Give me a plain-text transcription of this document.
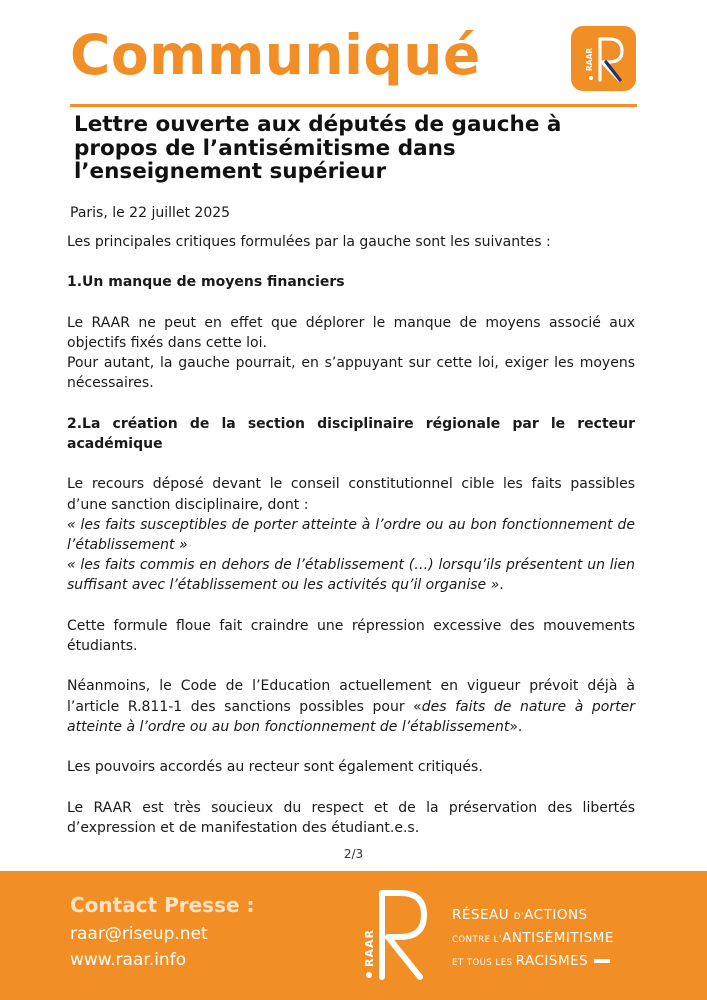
Communiqué	RAAR
Lettre ouverte aux députés de gauche à
propos de l’antisémitisme dans
l’enseignement supérieur
Paris, le 22 juillet 2025

Les principales critiques formulées par la gauche sont les suivantes :

1.Un manque de moyens financiers

Le RAAR ne peut en effet que déplorer le manque de moyens associé aux objectifs fixés dans cette loi.

Pour autant, la gauche pourrait, en s’appuyant sur cette loi, exiger les moyens nécessaires.

2.La création de la section disciplinaire régionale par le recteur académique

Le recours déposé devant le conseil constitutionnel cible les faits passibles d’une sanction disciplinaire, dont :

« les faits susceptibles de porter atteinte à l’ordre ou au bon fonctionnement de l’établissement »

« les faits commis en dehors de l’établissement (…) lorsqu’ils présentent un lien suffisant avec l’établissement ou les activités qu’il organise ».

Cette formule floue fait craindre une répression excessive des mouvements étudiants.

Néanmoins, le Code de l’Education actuellement en vigueur prévoit déjà à l’article R.811-1 des sanctions possibles pour «des faits de nature à porter atteinte à l’ordre ou au bon fonctionnement de l’établissement».

Les pouvoirs accordés au recteur sont également critiqués.

Le RAAR est très soucieux du respect et de la préservation des libertés d’expression et de manifestation des étudiant.e.s.

2/3
Contact Presse :
raar@riseup.net
www.raar.info	RAAR
RÉSEAU D’ACTIONS
CONTRE L’ANTISÉMITISME
ET TOUS LES RACISMES
